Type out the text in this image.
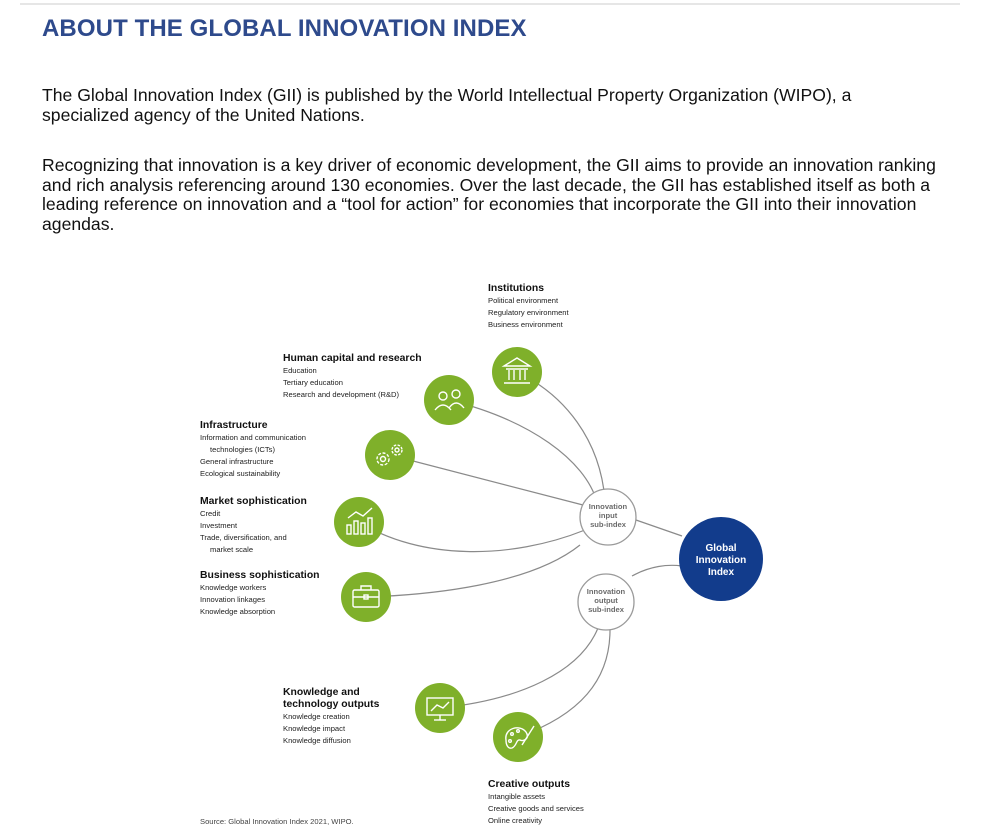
ABOUT THE GLOBAL INNOVATION INDEX
The Global Innovation Index (GII) is published by the World Intellectual Property Organization (WIPO), a specialized agency of the United Nations.
Recognizing that innovation is a key driver of economic development, the GII aims to provide an innovation ranking and rich analysis referencing around 130 economies. Over the last decade, the GII has established itself as both a leading reference on innovation and a “tool for action” for economies that incorporate the GII into their innovation agendas.
Innovation
input
sub-index
Innovation
output
sub-index
Global
Innovation
Index
Institutions
Political environment
Regulatory environment
Business environment
Human capital and research
Education
Tertiary education
Research and development (R&D)
Infrastructure
Information and communication
technologies (ICTs)
General infrastructure
Ecological sustainability
Market sophistication
Credit
Investment
Trade, diversification, and
market scale
Business sophistication
Knowledge workers
Innovation linkages
Knowledge absorption
Knowledge and
technology outputs
Knowledge creation
Knowledge impact
Knowledge diffusion
Creative outputs
Intangible assets
Creative goods and services
Online creativity
Source: Global Innovation Index 2021, WIPO.
